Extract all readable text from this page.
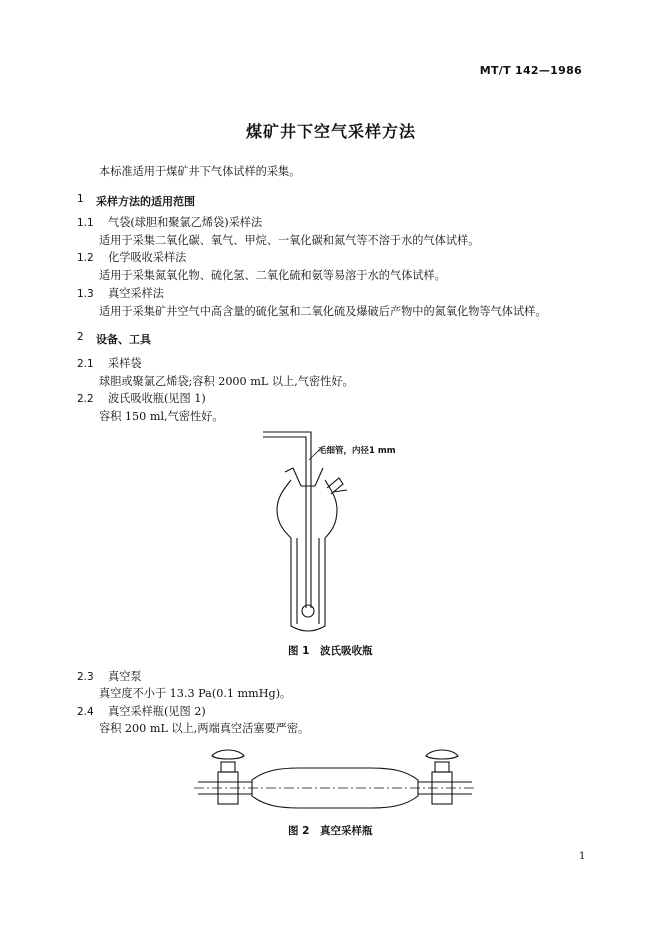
MT/T 142—1986
煤矿井下空气采样方法
本标准适用于煤矿井下气体试样的采集。
1 采样方法的适用范围
1.1 气袋(球胆和聚氯乙烯袋)采样法
适用于采集二氧化碳、氧气、甲烷、一氧化碳和氮气等不溶于水的气体试样。
1.2 化学吸收采样法
适用于采集氮氧化物、硫化氢、二氧化硫和氨等易溶于水的气体试样。
1.3 真空采样法
适用于采集矿井空气中高含量的硫化氢和二氧化硫及爆破后产物中的氮氧化物等气体试样。
2 设备、工具
2.1 采样袋
球胆或聚氯乙烯袋;容积 2000 mL 以上,气密性好。
2.2 波氏吸收瓶(见图 1)
容积 150 ml,气密性好。
毛细管，内径1 mm
图 1　波氏吸收瓶
2.3 真空泵
真空度不小于 13.3 Pa(0.1 mmHg)。
2.4 真空采样瓶(见图 2)
容积 200 mL 以上,两端真空活塞要严密。
图 2　真空采样瓶
1
